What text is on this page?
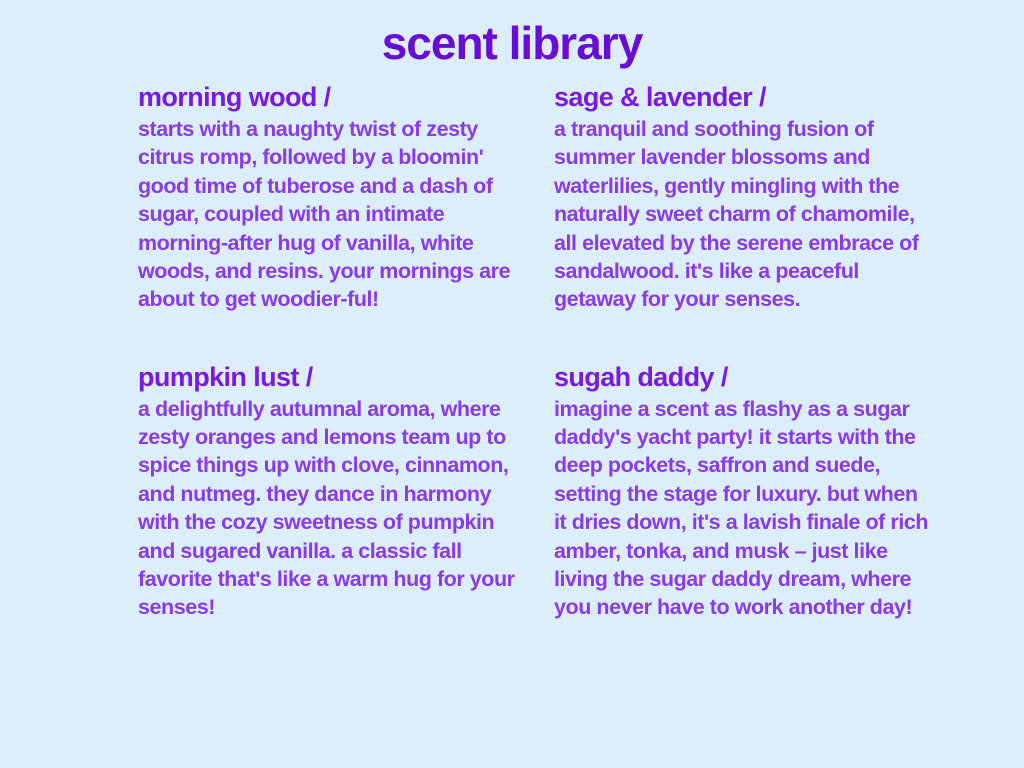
scent library
morning wood /

starts with a naughty twist of zesty citrus romp, followed by a bloomin' good time of tuberose and a dash of sugar, coupled with an intimate morning-after hug of vanilla, white woods, and resins. your mornings are about to get woodier-ful!

sage & lavender /

a tranquil and soothing fusion of summer lavender blossoms and waterlilies, gently mingling with the naturally sweet charm of chamomile, all elevated by the serene embrace of sandalwood. it's like a peaceful getaway for your senses.

pumpkin lust /

a delightfully autumnal aroma, where zesty oranges and lemons team up to spice things up with clove, cinnamon, and nutmeg. they dance in harmony with the cozy sweetness of pumpkin and sugared vanilla. a classic fall favorite that's like a warm hug for your senses!

sugah daddy /

imagine a scent as flashy as a sugar daddy's yacht party! it starts with the deep pockets, saffron and suede, setting the stage for luxury. but when it dries down, it's a lavish finale of rich amber, tonka, and musk – just like living the sugar daddy dream, where you never have to work another day!
